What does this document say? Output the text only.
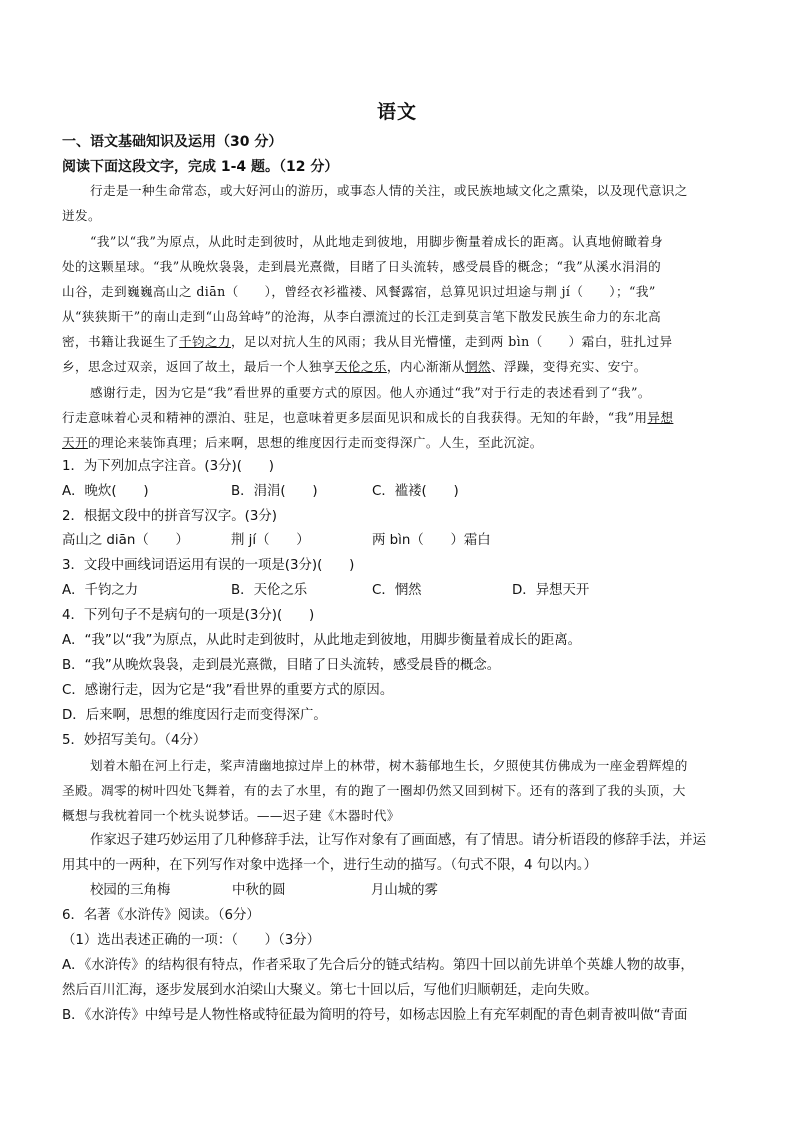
语文
一、语文基础知识及运用（30 分）
阅读下面这段文字，完成 1-4 题。（12 分）
行走是一种生命常态，或大好河山的游历，或事态人情的关注，或民族地域文化之熏染，以及现代意识之
迸发。
“我”以“我”为原点，从此时走到彼时，从此地走到彼地，用脚步衡量着成长的距离。认真地俯瞰着身
处的这颗星球。“我”从晚炊袅袅，走到晨光熹微，目睹了日头流转，感受晨昏的概念；“我”从溪水涓涓的
山谷，走到巍巍高山之 diān（　　），曾经衣衫褴褛、风餐露宿，总算见识过坦途与荆 jí（　　）；“我”
从“狭狭斯干”的南山走到“山岛耸峙”的沧海，从李白漂流过的长江走到莫言笔下散发民族生命力的东北高
密，书籍让我诞生了千钧之力，足以对抗人生的风雨；我从目光懵懂，走到两 bìn（　　）霜白，驻扎过异
乡，思念过双亲，返回了故土，最后一个人独享天伦之乐，内心渐渐从惘然、浮躁，变得充实、安宁。
感谢行走，因为它是“我”看世界的重要方式的原因。他人亦通过“我”对于行走的表述看到了“我”。
行走意味着心灵和精神的漂泊、驻足，也意味着更多层面见识和成长的自我获得。无知的年龄，“我”用异想
天开的理论来装饰真理；后来啊，思想的维度因行走而变得深广。人生，至此沉淀。
1．为下列加点字注音。(3分)(　　)
A．晚炊(　　)	B．涓涓(　　)	C．褴褛(　　)
2．根据文段中的拼音写汉字。(3分)
高山之 diān（　　）	荆 jí（　　）	两 bìn（　　）霜白
3．文段中画线词语运用有误的一项是(3分)(　　)
A．千钧之力	B．天伦之乐	C．惘然	D．异想天开
4．下列句子不是病句的一项是(3分)(　　)
A．“我”以“我”为原点，从此时走到彼时，从此地走到彼地，用脚步衡量着成长的距离。
B．“我”从晚炊袅袅，走到晨光熹微，目睹了日头流转，感受晨昏的概念。
C．感谢行走，因为它是“我”看世界的重要方式的原因。
D．后来啊，思想的维度因行走而变得深广。
5．妙招写美句。（4分）
划着木船在河上行走，桨声清幽地掠过岸上的林带，树木蓊郁地生长，夕照使其仿佛成为一座金碧辉煌的
圣殿。凋零的树叶四处飞舞着，有的去了水里，有的跑了一圈却仍然又回到树下。还有的落到了我的头顶，大
概想与我枕着同一个枕头说梦话。——迟子建《木器时代》
作家迟子建巧妙运用了几种修辞手法，让写作对象有了画面感，有了情思。请分析语段的修辞手法，并运
用其中的一两种，在下列写作对象中选择一个，进行生动的描写。（句式不限，4 句以内。）
校园的三角梅	中秋的圆	月山城的雾
6．名著《水浒传》阅读。（6分）
（1）选出表述正确的一项：（　　）（3分）
A．《水浒传》的结构很有特点，作者采取了先合后分的链式结构。第四十回以前先讲单个英雄人物的故事，
然后百川汇海，逐步发展到水泊梁山大聚义。第七十回以后，写他们归顺朝廷，走向失败。
B．《水浒传》中绰号是人物性格或特征最为简明的符号，如杨志因脸上有充军刺配的青色刺青被叫做“青面
